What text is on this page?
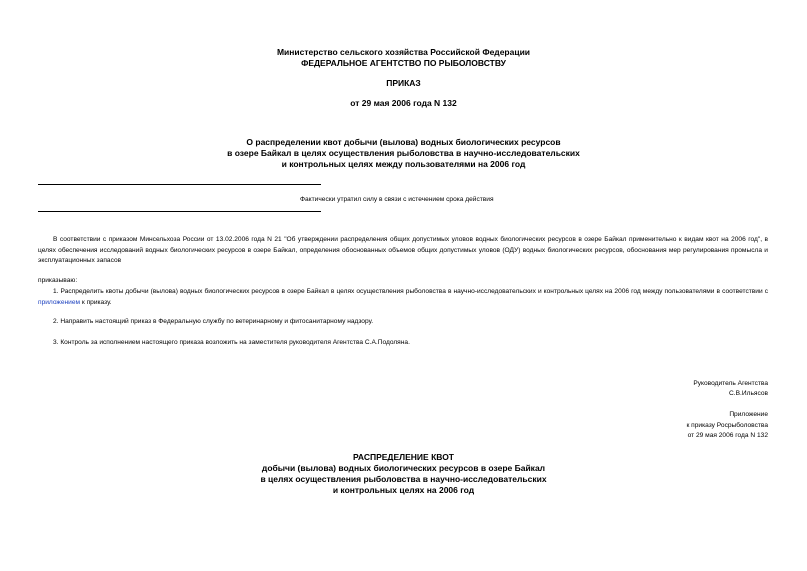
Министерство сельского хозяйства Российской Федерации
ФЕДЕРАЛЬНОЕ АГЕНТСТВО ПО РЫБОЛОВСТВУ
ПРИКАЗ
от 29 мая 2006 года N 132
О распределении квот добычи (вылова) водных биологических ресурсов
в озере Байкал в целях осуществления рыболовства в научно-исследовательских
и контрольных целях между пользователями на 2006 год
Фактически утратил силу в связи с истечением срока действия
В соответствии с приказом Минсельхоза России от 13.02.2006 года N 21 "Об утверждении распределения общих допустимых уловов водных биологических ресурсов в озере Байкал применительно к видам квот на 2006 год", в целях обеспечения исследований водных биологических ресурсов в озере Байкал, определения обоснованных объемов общих допустимых уловов (ОДУ) водных биологических ресурсов, обоснования мер регулирования промысла и эксплуатационных запасов
приказываю:
1. Распределить квоты добычи (вылова) водных биологических ресурсов в озере Байкал в целях осуществления рыболовства в научно-исследовательских и контрольных целях на 2006 год между пользователями в соответствии с приложением к приказу.
2. Направить настоящий приказ в Федеральную службу по ветеринарному и фитосанитарному надзору.
3. Контроль за исполнением настоящего приказа возложить на заместителя руководителя Агентства С.А.Подоляна.
Руководитель Агентства
С.В.Ильясов
Приложение
к приказу Росрыболовства
от 29 мая 2006 года N 132
РАСПРЕДЕЛЕНИЕ КВОТ
добычи (вылова) водных биологических ресурсов в озере Байкал
в целях осуществления рыболовства в научно-исследовательских
и контрольных целях на 2006 год
